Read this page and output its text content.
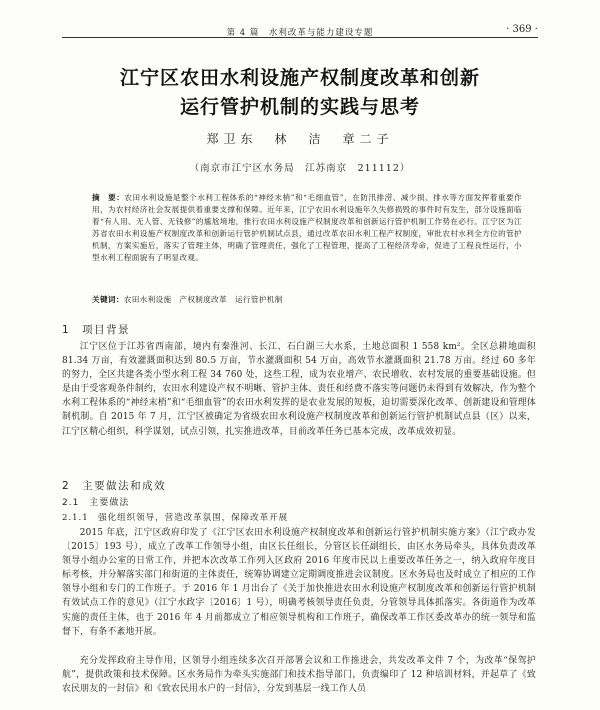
第 4 篇　水利改革与能力建设专题	· 369 ·
江宁区农田水利设施产权制度改革和创新
运行管护机制的实践与思考
郑卫东　林　洁　章二子
（南京市江宁区水务局　江苏南京　211112）
摘　要：农田水利设施是整个水利工程体系的“神经末梢”和“毛细血管”，在防汛排涝、减少损、排水等方面发挥着重要作用，为农村经济社会发展提供着重要支撑和保障。近年来，江宁农田水利设施年久失修损毁的事件时有发生，部分设施面临着“有人用、无人管、无钱修”的尴尬境地，推行农田水利设施产权制度改革和创新运行管护机制工作势在必行。江宁区为江苏省农田水利设施产权制度改革和创新运行管护机制试点县，通过改革农田水利工程产权制度，审批农村水利全方位的管护机制，方案实施后，落实了管理主体，明确了管理责任，强化了工程管理，提高了工程经济寿命，促进了工程良性运行，小型水利工程面貌有了明显改观。
关键词：农田水利设施　产权制度改革　运行管护机制
1　项目背景
江宁区位于江苏省西南部，境内有秦淮河、长江、石臼湖三大水系，土地总面积 1 558 km²。全区总耕地面积 81.34 万亩，有效灌溉面积达到 80.5 万亩，节水灌溉面积 54 万亩，高效节水灌溉面积 21.78 万亩。经过 60 多年的努力，全区共建各类小型水利工程 34 760 处，这些工程，成为农业增产、农民增收、农村发展的重要基础设施。但是由于受客观条件制约，农田水利建设产权不明晰、管护主体、责任和经费不落实等问题仍未得到有效解决，作为整个水利工程体系的“神经末梢”和“毛细血管”的农田水利发挥的是农业发展的短板，迫切需要深化改革、创新建设和管理体制机制。自 2015 年 7 月，江宁区被确定为省级农田水利设施产权制度改革和创新运行管护机制试点县（区）以来，江宁区精心组织，科学谋划，试点引领，扎实推进改革，目前改革任务已基本完成，改革成效初显。
2　主要做法和成效
2.1　主要做法
2.1.1　强化组织领导，营造改革氛围，保障改革开展
2015 年底，江宁区政府印发了《江宁区农田水利设施产权制度改革和创新运行管护机制实施方案》（江宁政办发〔2015〕193 号），成立了改革工作领导小组，由区长任组长，分管区长任副组长，由区水务局牵头，具体负责改革领导小组办公室的日常工作，并把本次改革工作列入区政府 2016 年度市民以上重要改革任务之一，纳入政府年度目标考核，并分解落实部门和街道的主体责任，统筹协调建立定期调度推进会议制度。区水务局也及时成立了相应的工作领导小组和专门的工作班子。于 2016 年 1 月出台了《关于加快推进农田水利设施产权制度改革和创新运行管护机制有效试点工作的意见》（江宁水政字〔2016〕1 号），明确考核领导责任负责，分管领导具体抓落实。各街道作为改革实施的责任主体，也于 2016 年 4 月前都成立了相应领导机构和工作班子，确保改革工作区委改革办的统一领导和监督下，有条不紊地开展。
充分发挥政府主导作用，区领导小组连续多次召开部署会议和工作推进会，共发改革文件 7 个，为改革“保驾护航”，提供政策和技术保障。区水务局作为牵头实施部门和技术指导部门，负责编印了 12 种培训材料，并起草了《致农民朋友的一封信》和《致农民用水户的一封信》，分发到基层一线工作人员
